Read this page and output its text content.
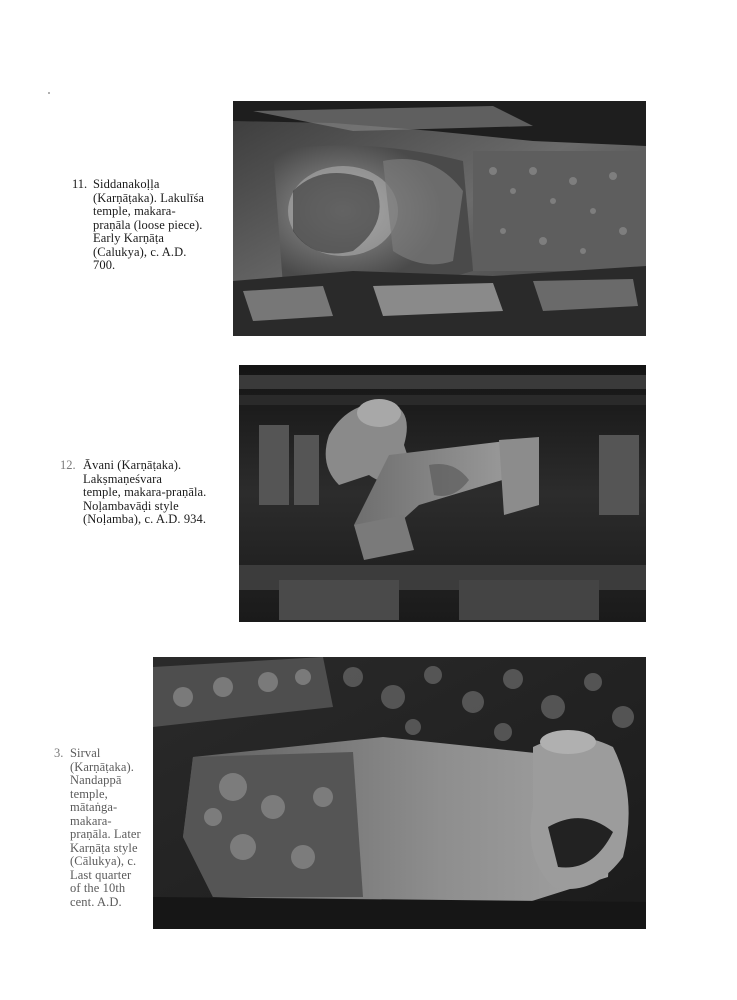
11. Siddanakoḷḷa
(Karṇāṭaka). Lakulīśa
temple, makara-
praṇāla (loose piece).
Early Karṇāṭa
(Calukya), c. A.D.
700.
12. Āvani (Karṇāṭaka).
Lakṣmaṇeśvara
temple, makara-praṇāla.
Noḷambavāḍi style
(Noḷamba), c. A.D. 934.
3. Sirval
(Karṇāṭaka).
Nandappā
temple,
mātaṅga-
makara-
praṇāla. Later
Karṇāṭa style
(Cālukya), c.
Last quarter
of the 10th
cent. A.D.
